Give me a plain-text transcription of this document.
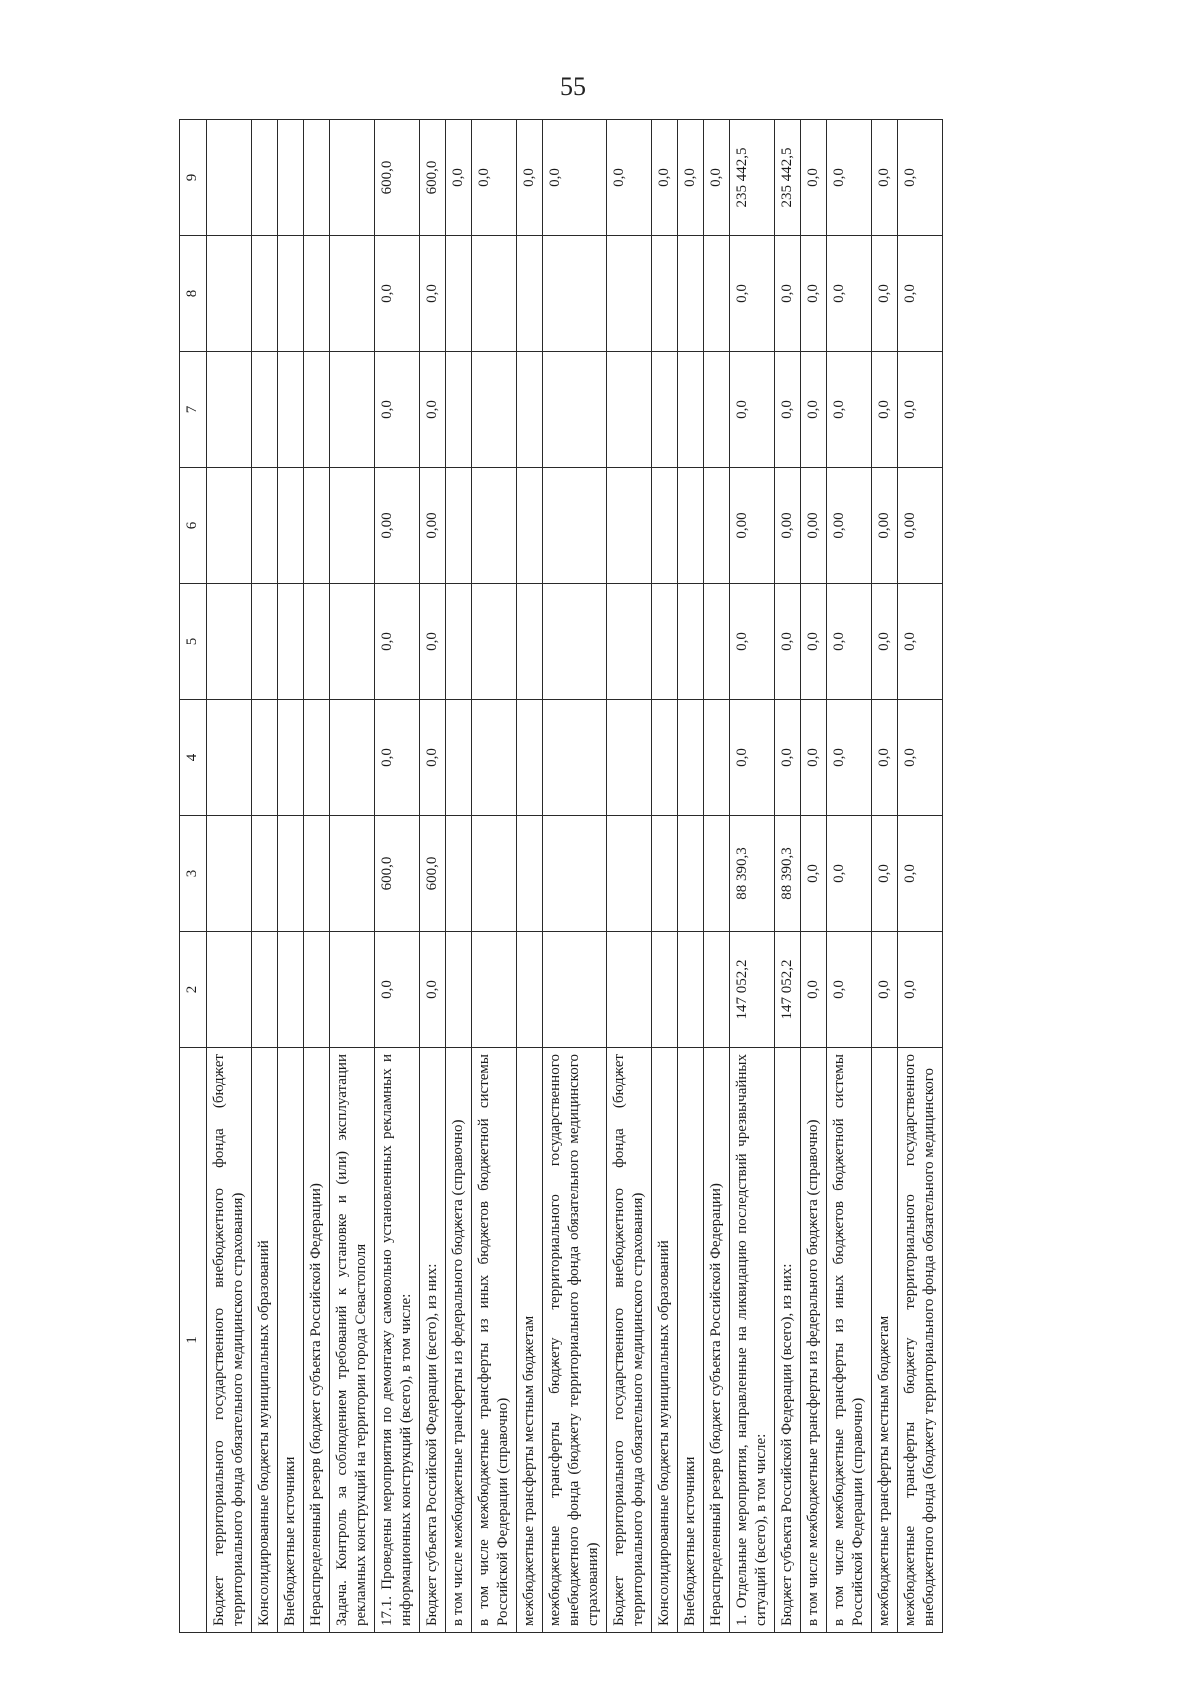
55
1	2	3	4	5	6	7	8	9
Бюджет территориального государственного внебюджетного фонда (бюджет территориального фонда обязательного медицинского страхования)								
Консолидированные бюджеты муниципальных образований								
Внебюджетные источники								
Нераспределенный резерв (бюджет субъекта Российской Федерации)								
Задача. Контроль за соблюдением требований к установке и (или) эксплуатации рекламных конструкций на территории города Севастополя								
17.1. Проведены мероприятия по демонтажу самовольно установленных рекламных и информационных конструкций (всего), в том числе:	0,0	600,0	0,0	0,0	0,00	0,0	0,0	600,0
Бюджет субъекта Российской Федерации (всего), из них:	0,0	600,0	0,0	0,0	0,00	0,0	0,0	600,0
в том числе межбюджетные трансферты из федерального бюджета (справочно)								0,0
в том числе межбюджетные трансферты из иных бюджетов бюджетной системы Российской Федерации (справочно)								0,0
межбюджетные трансферты местным бюджетам								0,0
межбюджетные трансферты бюджету территориального государственного внебюджетного фонда (бюджету территориального фонда обязательного медицинского страхования)								0,0
Бюджет территориального государственного внебюджетного фонда (бюджет территориального фонда обязательного медицинского страхования)								0,0
Консолидированные бюджеты муниципальных образований								0,0
Внебюджетные источники								0,0
Нераспределенный резерв (бюджет субъекта Российской Федерации)								0,0
1. Отдельные мероприятия, направленные на ликвидацию последствий чрезвычайных ситуаций (всего), в том числе:	147 052,2	88 390,3	0,0	0,0	0,00	0,0	0,0	235 442,5
Бюджет субъекта Российской Федерации (всего), из них:	147 052,2	88 390,3	0,0	0,0	0,00	0,0	0,0	235 442,5
в том числе межбюджетные трансферты из федерального бюджета (справочно)	0,0	0,0	0,0	0,0	0,00	0,0	0,0	0,0
в том числе межбюджетные трансферты из иных бюджетов бюджетной системы Российской Федерации (справочно)	0,0	0,0	0,0	0,0	0,00	0,0	0,0	0,0
межбюджетные трансферты местным бюджетам	0,0	0,0	0,0	0,0	0,00	0,0	0,0	0,0
межбюджетные трансферты бюджету территориального государственного внебюджетного фонда (бюджету территориального фонда обязательного медицинского	0,0	0,0	0,0	0,0	0,00	0,0	0,0	0,0
